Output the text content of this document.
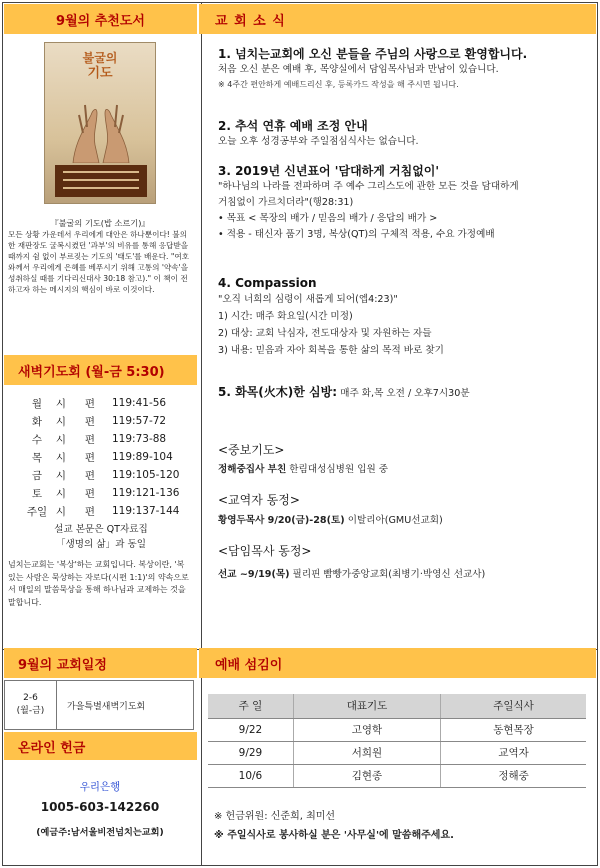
9월의 추천도서
불굴의
기도
『불굴의 기도(밥 소르기)』
모든 상황 가운데서 우리에게 대안은 하나뿐이다! 불의한 재판장도 굴복시켰던 '과부'의 비유를 통해 응답받을 때까지 쉼 없이 부르짖는 기도의 '태도'를 배운다. "여호와께서 우리에게 은혜를 베푸시기 위해 고통의 '약속'을 성취하실 때를 기다리신대사 30:18 참고)." 이 책이 전하고자 하는 메시지의 핵심이 바로 이것이다.
새벽기도회 (월-금 5:30)
월	시	편	119:41-56
화	시	편	119:57-72
수	시	편	119:73-88
목	시	편	119:89-104
금	시	편	119:105-120
토	시	편	119:121-136
주일 시	편	119:137-144
설교 본문은 QT자료집
「생명의 삶」과 동일
넘치는교회는 '복상'하는 교회입니다. 복상이란, '복 있는 사람은 묵상하는 자로다(시편 1:1)'의 약속으로서 매일의 말씀묵상을 통해 하나님과 교제하는 것을 말합니다.
9월의 교회일정
2-6
(월-금)	가을특별새벽기도회
온라인 헌금
우리은행
1005-603-142260
(예금주:남서울비전넘치는교회)
교 회 소 식
1. 넘치는교회에 오신 분들을 주님의 사랑으로 환영합니다.
처음 오신 분은 예배 후, 목양실에서 담임목사님과 만남이 있습니다.
※ 4주간 편안하게 예배드리신 후, 등록카드 작성을 해 주시면 됩니다.
2. 추석 연휴 예배 조정 안내
오늘 오후 성경공부와 주일점심식사는 없습니다.
3. 2019년 신년표어 '담대하게 거침없이'
"하나님의 나라를 전파하며 주 예수 그리스도에 관한 모든 것을 담대하게
거침없이 가르치더라"(행28:31)
• 목표 < 목장의 배가 / 믿음의 배가 / 응답의 배가 >
• 적용 - 태신자 품기 3명, 복상(QT)의 구체적 적용, 수요 가정예배
4. Compassion
"오직 너희의 심령이 새롭게 되어(엡4:23)"
1) 시간: 매주 화요일(시간 미정)
2) 대상: 교회 낙심자, 전도대상자 및 자원하는 자들
3) 내용: 믿음과 자아 회복을 통한 삶의 목적 바로 찾기
5. 화목(火木)한 심방: 매주 화,목 오전 / 오후7시30분
<중보기도>
정해중집사 부친 한림대성심병원 입원 중
<교역자 동정>
황영두목사 9/20(금)-28(토) 이탈리아(GMU선교회)
<담임목사 동정>
선교 ~9/19(목) 필리핀 빰빵가중앙교회(최병기·박영신 선교사)
예배 섬김이
주 일	대표기도	주일식사
9/22	고영학	동현목장
9/29	서희원	교역자
10/6	김현종	정해중
※ 헌금위원: 신준희, 최미선
※ 주일식사로 봉사하실 분은 '사무실'에 말씀해주세요.
